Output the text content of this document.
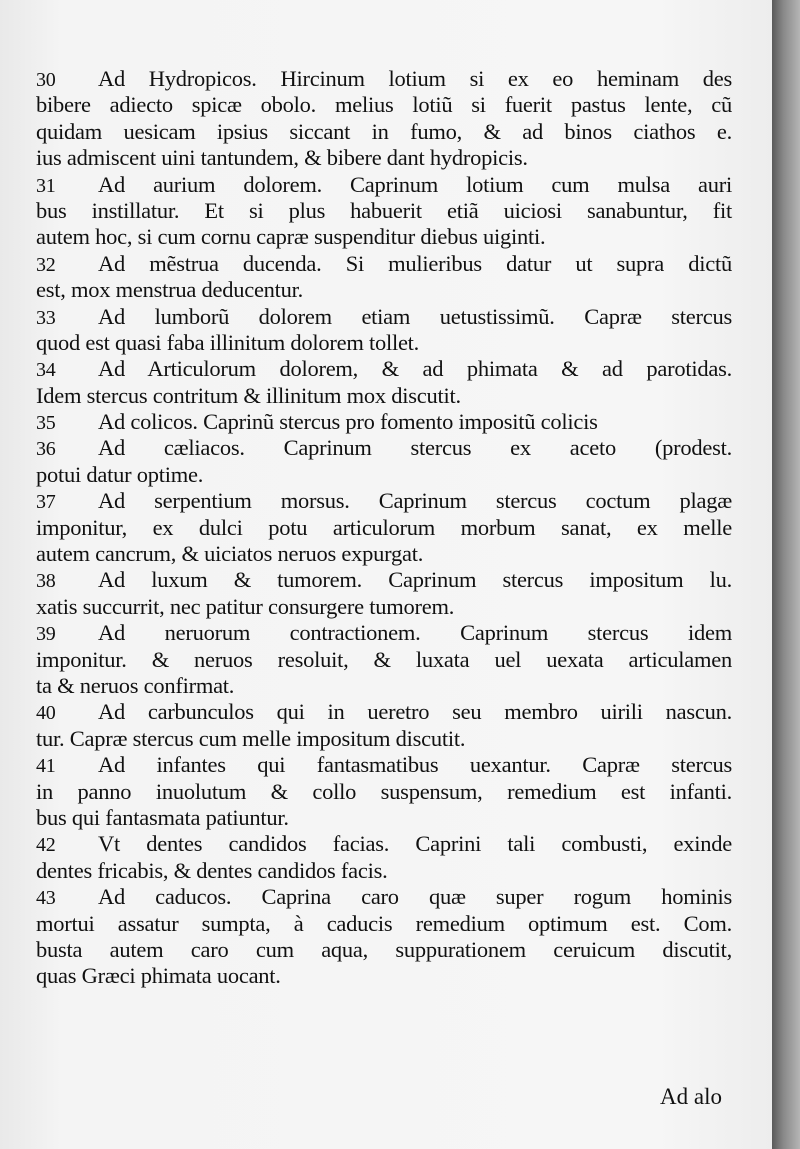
30 Ad Hydropicos. Hircinum lotium si ex eo heminam des
bibere adiecto spicæ obolo. melius lotiũ si fuerit pastus lente, cũ
quidam uesicam ipsius siccant in fumo, & ad binos ciathos e.
ius admiscent uini tantundem, & bibere dant hydropicis.
31 Ad aurium dolorem. Caprinum lotium cum mulsa auri
bus instillatur. Et si plus habuerit etiã uiciosi sanabuntur, fit
autem hoc, si cum cornu capræ suspenditur diebus uiginti.
32 Ad mẽstrua ducenda. Si mulieribus datur ut supra dictũ
est, mox menstrua deducentur.
33 Ad lumborũ dolorem etiam uetustissimũ. Capræ stercus
quod est quasi faba illinitum dolorem tollet.
34 Ad Articulorum dolorem, & ad phimata & ad parotidas.
Idem stercus contritum & illinitum mox discutit.
35 Ad colicos. Caprinũ stercus pro fomento impositũ colicis
36 Ad cæliacos. Caprinum stercus ex aceto (prodest.
potui datur optime.
37 Ad serpentium morsus. Caprinum stercus coctum plagæ
imponitur, ex dulci potu articulorum morbum sanat, ex melle
autem cancrum, & uiciatos neruos expurgat.
38 Ad luxum & tumorem. Caprinum stercus impositum lu.
xatis succurrit, nec patitur consurgere tumorem.
39 Ad neruorum contractionem. Caprinum stercus idem
imponitur. & neruos resoluit, & luxata uel uexata articulamen
ta & neruos confirmat.
40 Ad carbunculos qui in ueretro seu membro uirili nascun.
tur. Capræ stercus cum melle impositum discutit.
41 Ad infantes qui fantasmatibus uexantur. Capræ stercus
in panno inuolutum & collo suspensum, remedium est infanti.
bus qui fantasmata patiuntur.
42 Vt dentes candidos facias. Caprini tali combusti, exinde
dentes fricabis, & dentes candidos facis.
43 Ad caducos. Caprina caro quæ super rogum hominis
mortui assatur sumpta, à caducis remedium optimum est. Com.
busta autem caro cum aqua, suppurationem ceruicum discutit,
quas Græci phimata uocant.
Ad alo
